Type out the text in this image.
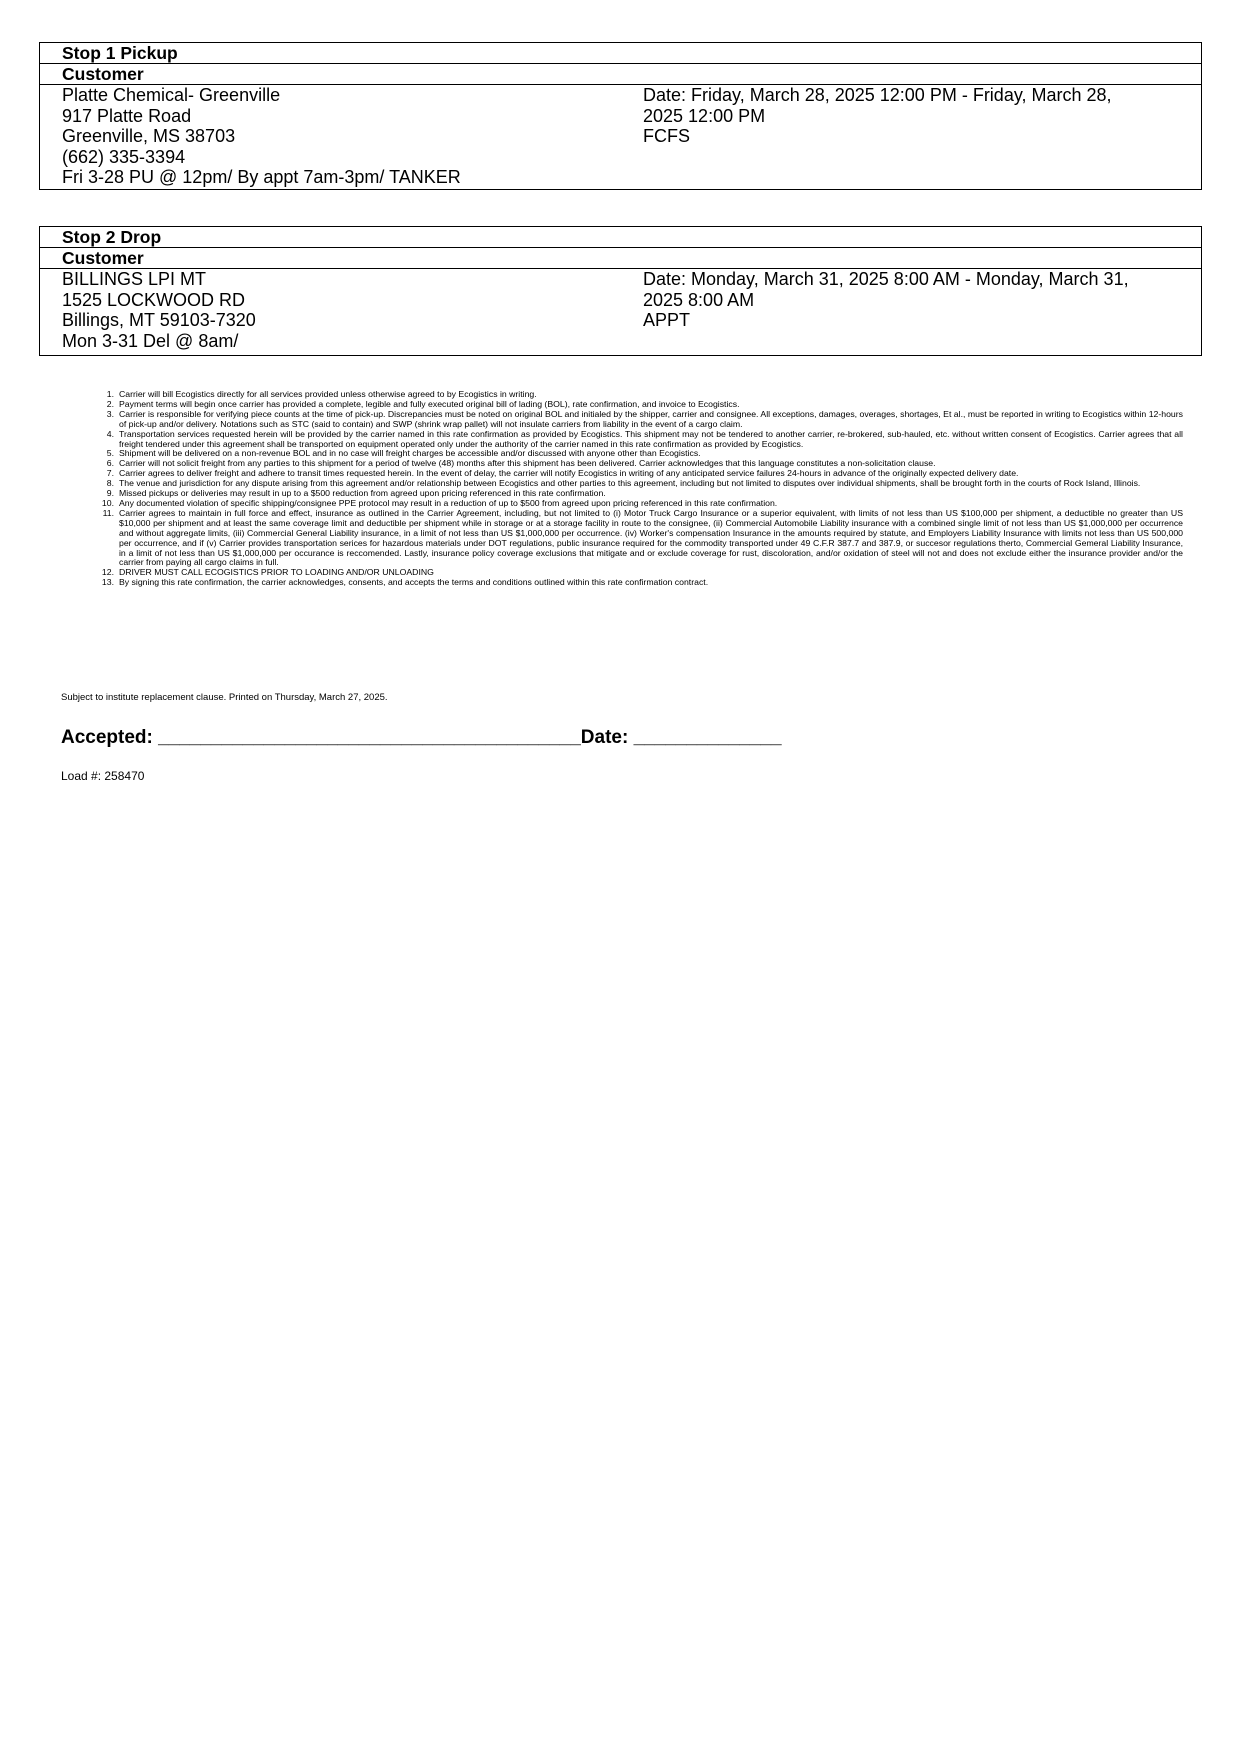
Stop 1 Pickup
Customer
Platte Chemical- Greenville
917 Platte Road
Greenville, MS 38703
(662) 335-3394
Fri 3-28 PU @ 12pm/ By appt 7am-3pm/ TANKER
Date: Friday, March 28, 2025 12:00 PM - Friday, March 28,
2025 12:00 PM
FCFS
Stop 2 Drop
Customer
BILLINGS LPI MT
1525 LOCKWOOD RD
Billings, MT 59103-7320
Mon 3-31 Del @ 8am/
Date: Monday, March 31, 2025 8:00 AM - Monday, March 31,
2025 8:00 AM
APPT
1. Carrier will bill Ecogistics directly for all services provided unless otherwise agreed to by Ecogistics in writing.
2. Payment terms will begin once carrier has provided a complete, legible and fully executed original bill of lading (BOL), rate confirmation, and invoice to Ecogistics.
3. Carrier is responsible for verifying piece counts at the time of pick-up. Discrepancies must be noted on original BOL and initialed by the shipper, carrier and consignee. All exceptions, damages, overages, shortages, Et al., must be reported in writing to Ecogistics within 12-hours of pick-up and/or delivery. Notations such as STC (said to contain) and SWP (shrink wrap pallet) will not insulate carriers from liability in the event of a cargo claim.
4. Transportation services requested herein will be provided by the carrier named in this rate confirmation as provided by Ecogistics. This shipment may not be tendered to another carrier, re-brokered, sub-hauled, etc. without written consent of Ecogistics. Carrier agrees that all freight tendered under this agreement shall be transported on equipment operated only under the authority of the carrier named in this rate confirmation as provided by Ecogistics.
5. Shipment will be delivered on a non-revenue BOL and in no case will freight charges be accessible and/or discussed with anyone other than Ecogistics.
6. Carrier will not solicit freight from any parties to this shipment for a period of twelve (48) months after this shipment has been delivered. Carrier acknowledges that this language constitutes a non-solicitation clause.
7. Carrier agrees to deliver freight and adhere to transit times requested herein. In the event of delay, the carrier will notify Ecogistics in writing of any anticipated service failures 24-hours in advance of the originally expected delivery date.
8. The venue and jurisdiction for any dispute arising from this agreement and/or relationship between Ecogistics and other parties to this agreement, including but not limited to disputes over individual shipments, shall be brought forth in the courts of Rock Island, Illinois.
9. Missed pickups or deliveries may result in up to a $500 reduction from agreed upon pricing referenced in this rate confirmation.
10. Any documented violation of specific shipping/consignee PPE protocol may result in a reduction of up to $500 from agreed upon pricing referenced in this rate confirmation.
11. Carrier agrees to maintain in full force and effect, insurance as outlined in the Carrier Agreement, including, but not limited to (i) Motor Truck Cargo Insurance or a superior equivalent, with limits of not less than US $100,000 per shipment, a deductible no greater than US $10,000 per shipment and at least the same coverage limit and deductible per shipment while in storage or at a storage facility in route to the consignee, (ii) Commercial Automobile Liability insurance with a combined single limit of not less than US $1,000,000 per occurrence and without aggregate limits, (iii) Commercial General Liability insurance, in a limit of not less than US $1,000,000 per occurrence. (iv) Worker's compensation Insurance in the amounts required by statute, and Employers Liability Insurance with limits not less than US 500,000 per occurrence, and if (v) Carrier provides transportation serices for hazardous materials under DOT regulations, public insurance required for the commodity transported under 49 C.F.R 387.7 and 387.9, or succesor regulations therto, Commercial Gemeral Liability Insurance, in a limit of not less than US $1,000,000 per occurance is reccomended. Lastly, insurance policy coverage exclusions that mitigate and or exclude coverage for rust, discoloration, and/or oxidation of steel will not and does not exclude either the insurance provider and/or the carrier from paying all cargo claims in full.
12. DRIVER MUST CALL ECOGISTICS PRIOR TO LOADING AND/OR UNLOADING
13. By signing this rate confirmation, the carrier acknowledges, consents, and accepts the terms and conditions outlined within this rate confirmation contract.
Subject to institute replacement clause. Printed on Thursday, March 27, 2025.
Accepted: ________________________________________Date: ______________
Load #: 258470
